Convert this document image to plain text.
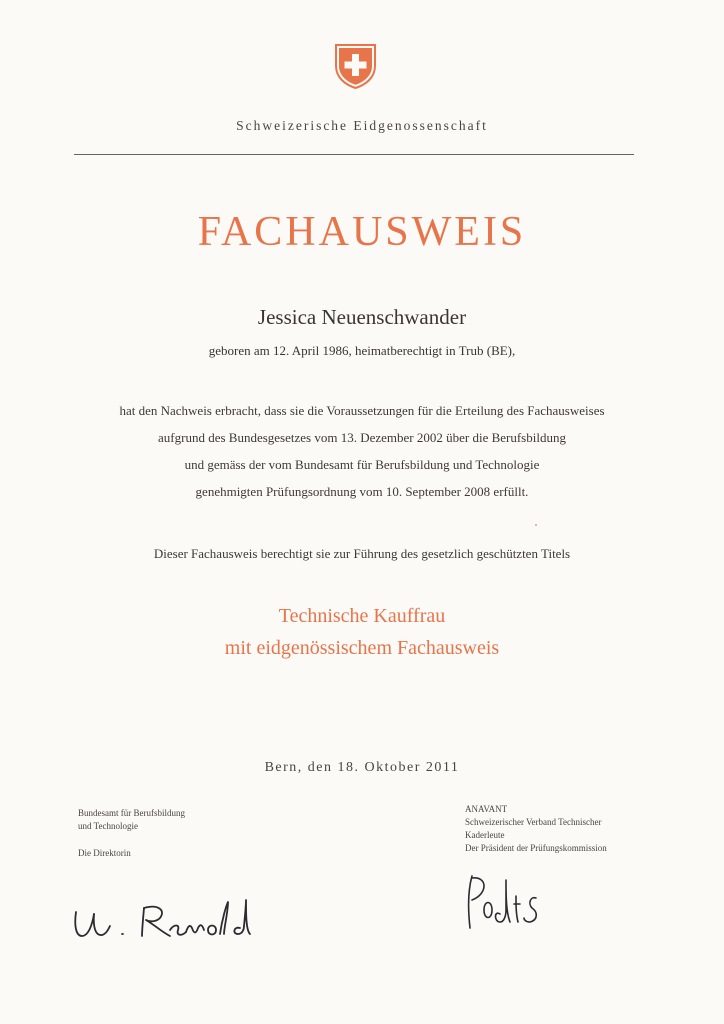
Schweizerische Eidgenossenschaft
FACHAUSWEIS
Jessica Neuenschwander
geboren am 12. April 1986, heimatberechtigt in Trub (BE),
hat den Nachweis erbracht, dass sie die Voraussetzungen für die Erteilung des Fachausweises
aufgrund des Bundesgesetzes vom 13. Dezember 2002 über die Berufsbildung
und gemäss der vom Bundesamt für Berufsbildung und Technologie
genehmigten Prüfungsordnung vom 10. September 2008 erfüllt.
Dieser Fachausweis berechtigt sie zur Führung des gesetzlich geschützten Titels
Technische Kauffrau
mit eidgenössischem Fachausweis
Bern, den 18. Oktober 2011
Bundesamt für Berufsbildung
und Technologie
Die Direktorin
ANAVANT
Schweizerischer Verband Technischer
Kaderleute
Der Präsident der Prüfungskommission
